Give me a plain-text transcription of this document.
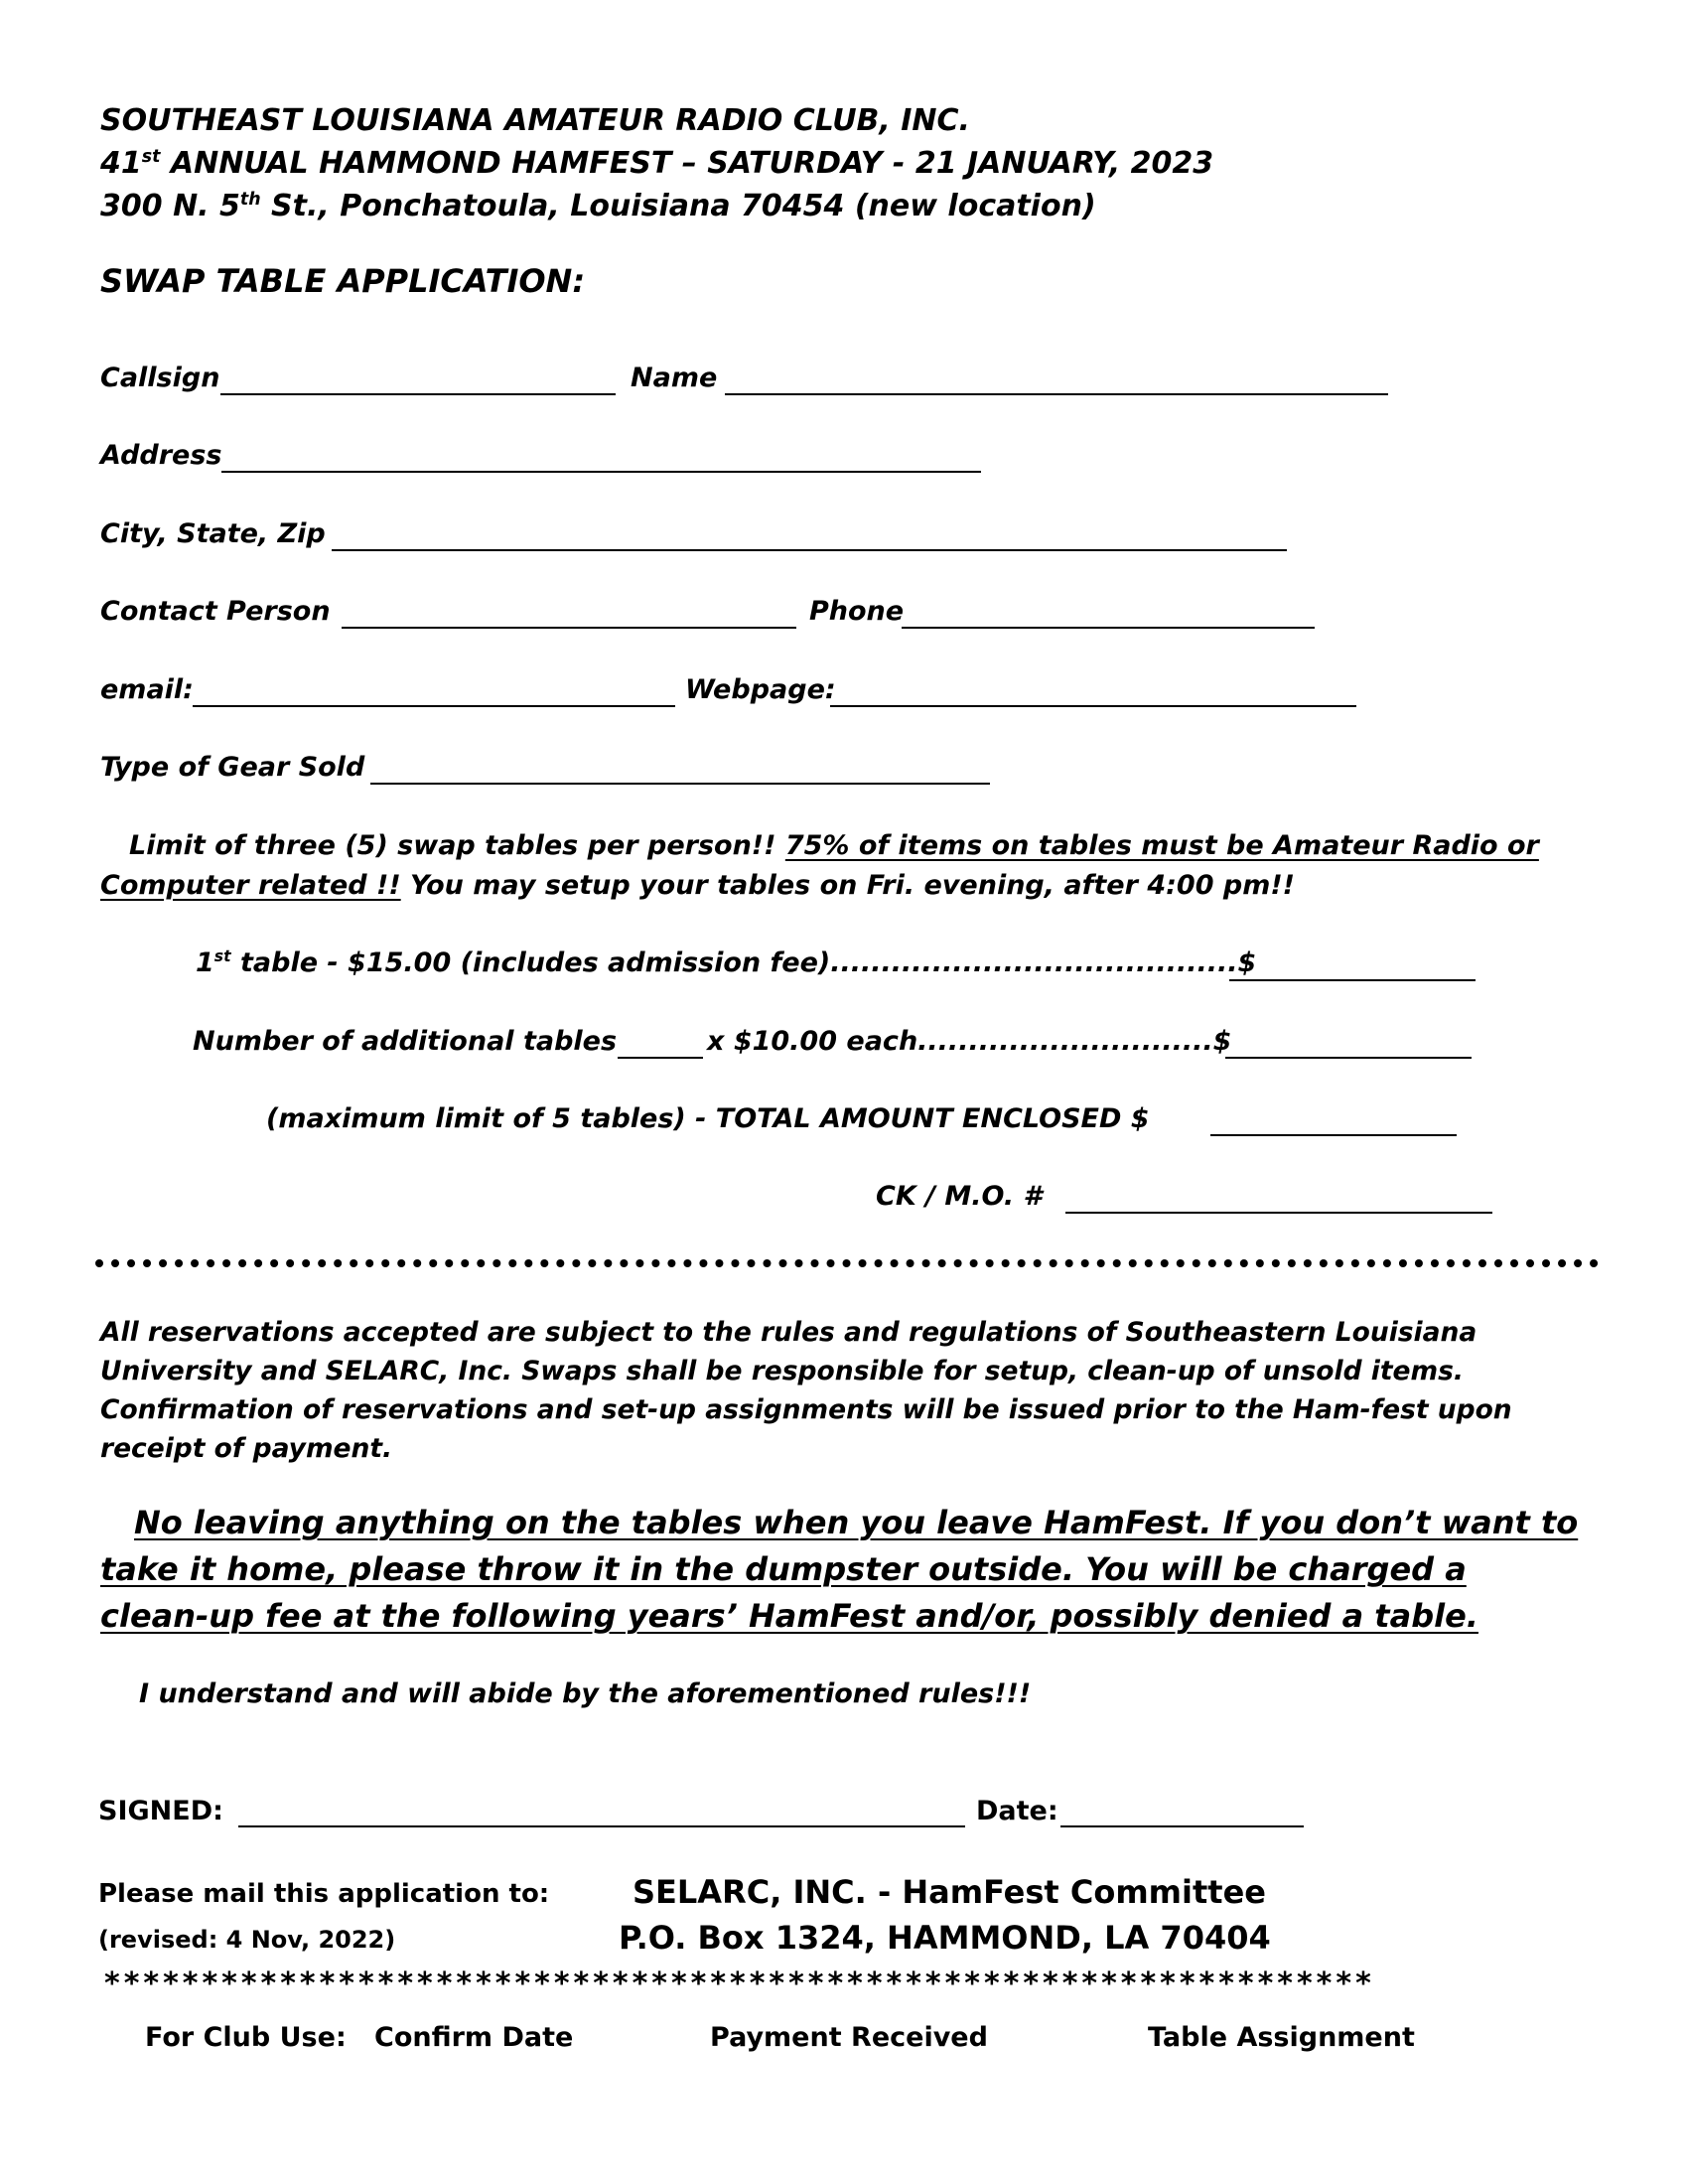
SOUTHEAST LOUISIANA AMATEUR RADIO CLUB, INC.
41st ANNUAL HAMMOND HAMFEST – SATURDAY - 21 JANUARY, 2023
300 N. 5th St., Ponchatoula, Louisiana 70454 (new location)
SWAP TABLE APPLICATION:
Callsign	Name
Address
City, State, Zip
Contact Person	Phone
email:	Webpage:
Type of Gear Sold
Limit of three (5) swap tables per person!! 75% of items on tables must be Amateur Radio or
Computer related !! You may setup your tables on Fri. evening, after 4:00 pm!!
1st table - $15.00 (includes admission fee)........................................$
Number of additional tables	x $10.00 each.............................$
(maximum limit of 5 tables) - TOTAL AMOUNT ENCLOSED $
CK / M.O. #
All reservations accepted are subject to the rules and regulations of Southeastern Louisiana
University and SELARC, Inc. Swaps shall be responsible for setup, clean-up of unsold items.
Confirmation of reservations and set-up assignments will be issued prior to the Ham-fest upon
receipt of payment.
No leaving anything on the tables when you leave HamFest. If you don’t want to
take it home, please throw it in the dumpster outside. You will be charged a
clean-up fee at the following years’ HamFest and/or, possibly denied a table.
I understand and will abide by the aforementioned rules!!!
SIGNED:	Date:
Please mail this application to:
(revised: 4 Nov, 2022)
SELARC, INC. - HamFest Committee
P.O. Box 1324, HAMMOND, LA 70404
*****************************************************************
For Club Use: Confirm Date	Payment Received	Table Assignment
